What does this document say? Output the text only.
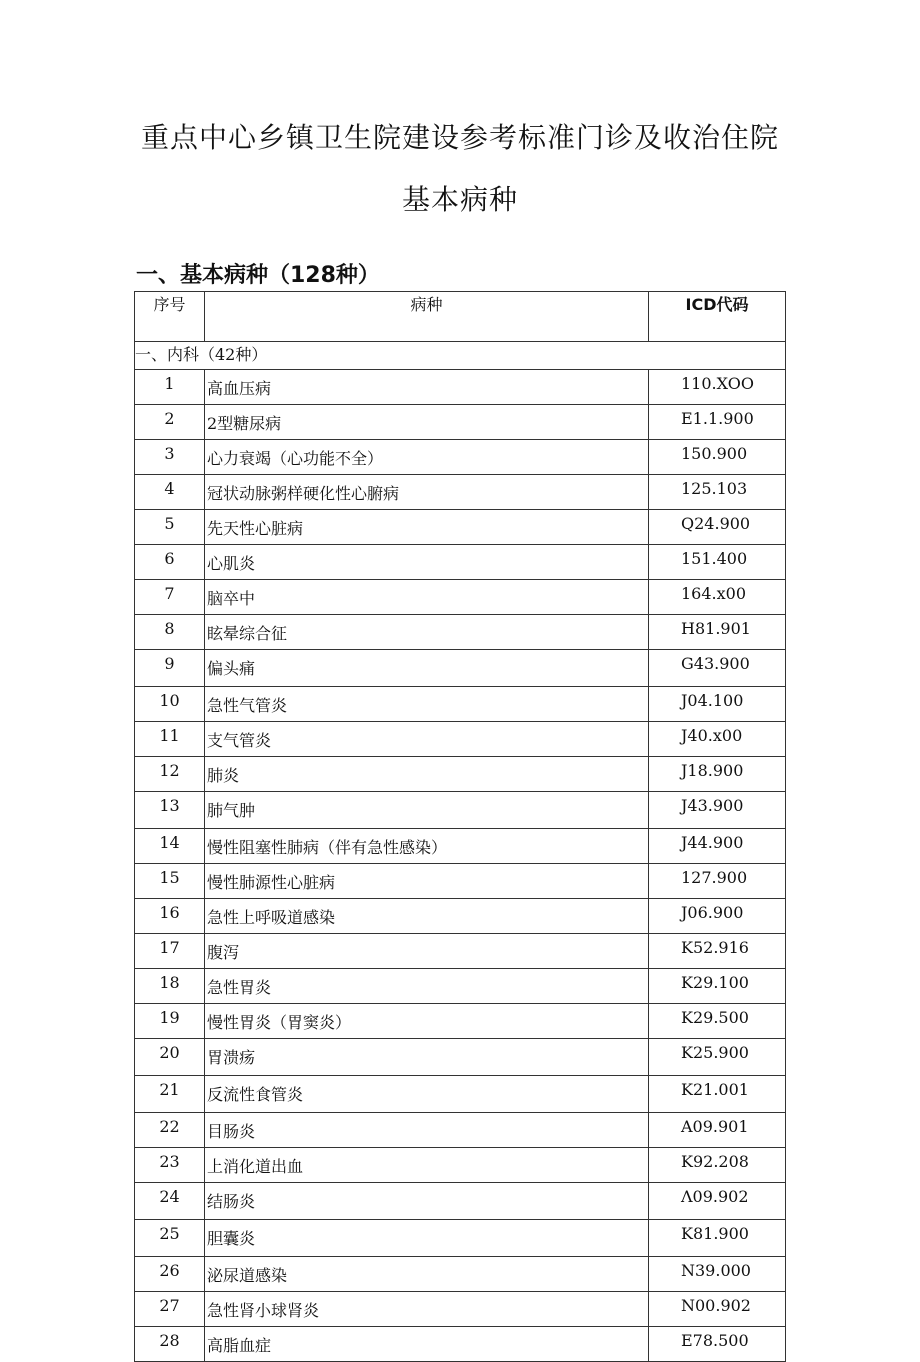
重点中心乡镇卫生院建设参考标准门诊及收治住院
基本病种
一、基本病种（128种）
序号	病种	ICD代码
一、内科（42种）		
1	高血压病	110.XOO
2	2型糖尿病	E1.1.900
3	心力衰竭（心功能不全）	150.900
4	冠状动脉粥样硬化性心腑病	125.103
5	先天性心脏病	Q24.900
6	心肌炎	151.400
7	脑卒中	164.x00
8	眩晕综合征	H81.901
9	偏头痛	G43.900
10	急性气管炎	J04.100
11	支气管炎	J40.x00
12	肺炎	J18.900
13	肺气肿	J43.900
14	慢性阻塞性肺病（伴有急性感染）	J44.900
15	慢性肺源性心脏病	127.900
16	急性上呼吸道感染	J06.900
17	腹泻	K52.916
18	急性胃炎	K29.100
19	慢性胃炎（胃窦炎）	K29.500
20	胃溃疡	K25.900
21	反流性食管炎	K21.001
22	目肠炎	A09.901
23	上消化道出血	K92.208
24	结肠炎	Λ09.902
25	胆囊炎	K81.900
26	泌尿道感染	N39.000
27	急性肾小球肾炎	N00.902
28	高脂血症	E78.500
